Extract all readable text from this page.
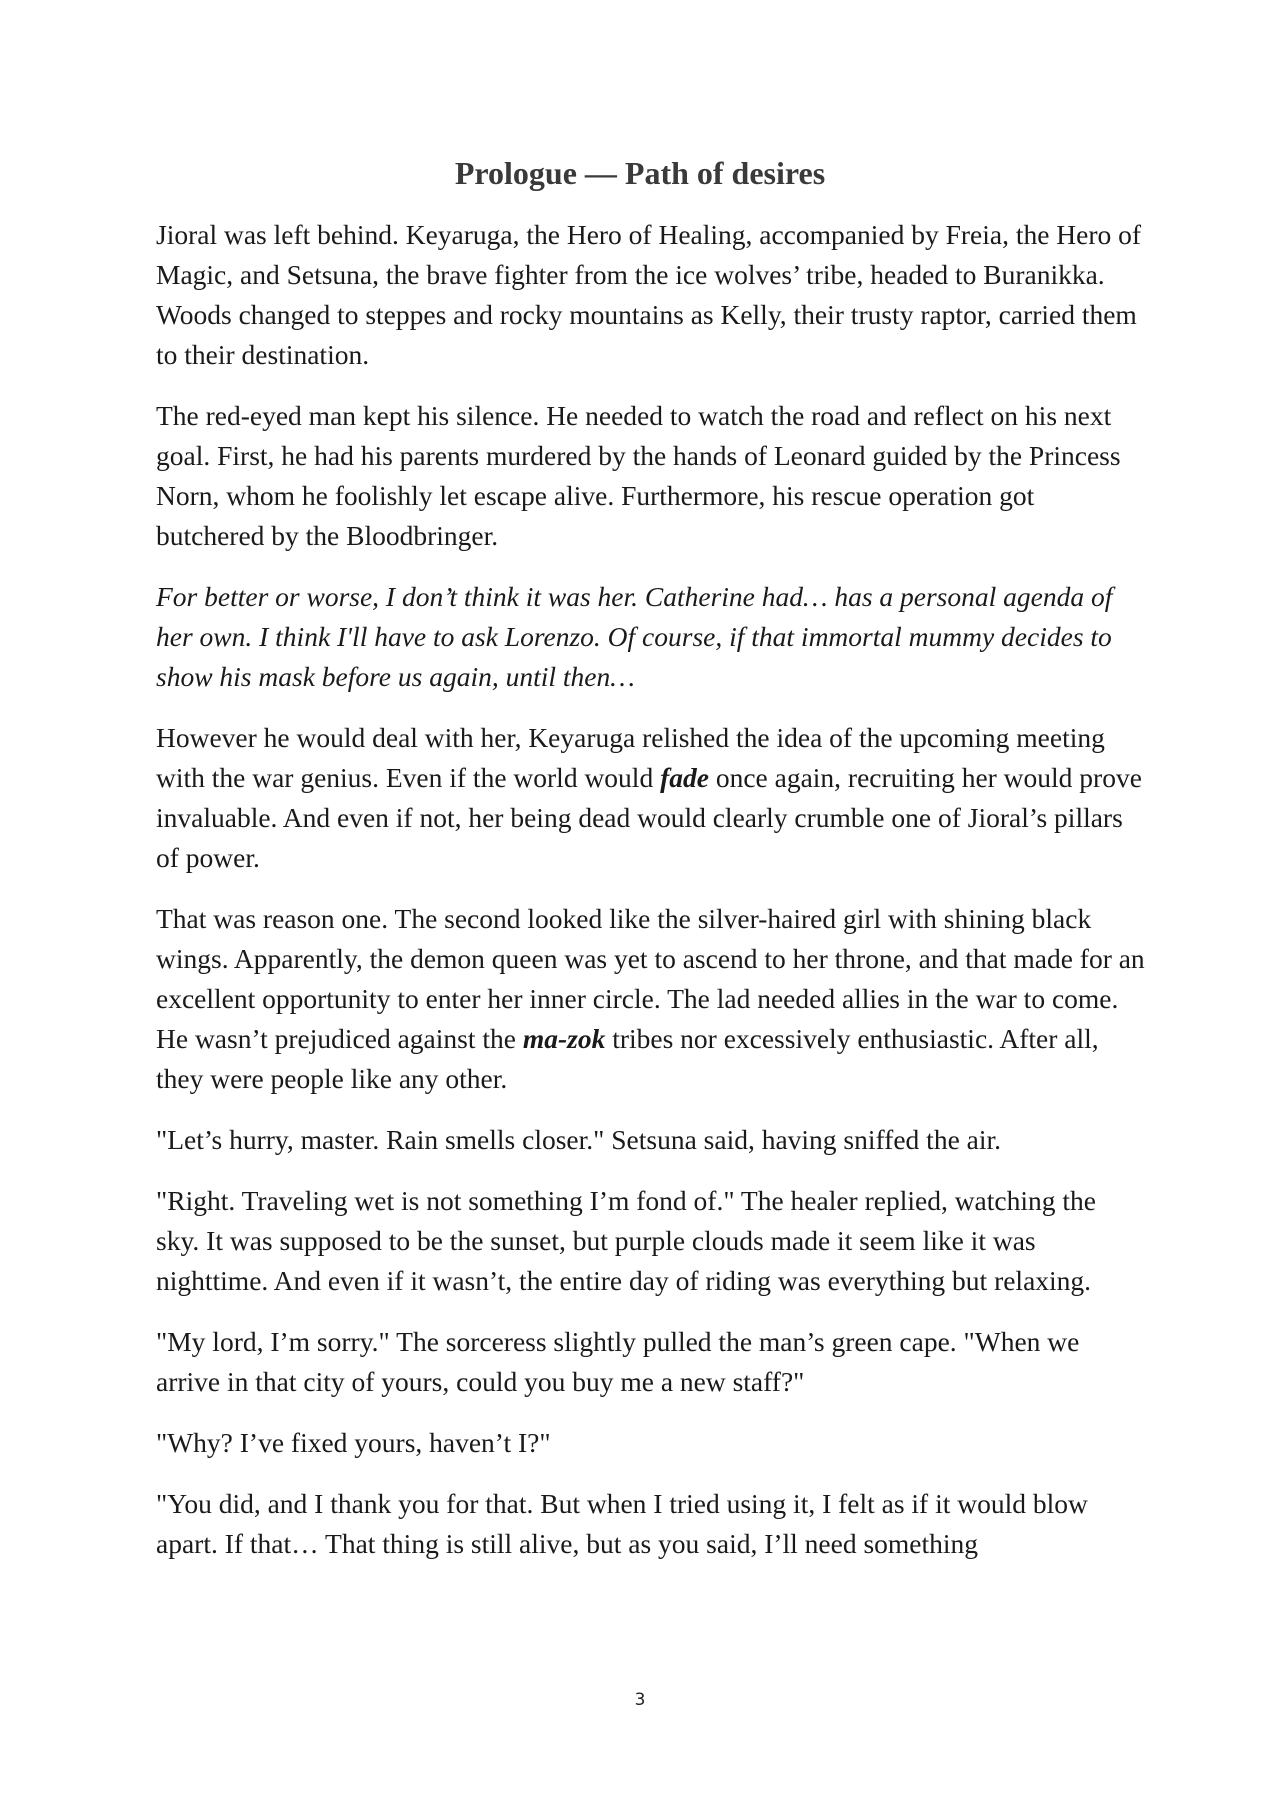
Prologue — Path of desires

Jioral was left behind. Keyaruga, the Hero of Healing, accompanied by Freia, the Hero of Magic, and Setsuna, the brave fighter from the ice wolves’ tribe, headed to Buranikka. Woods changed to steppes and rocky mountains as Kelly, their trusty raptor, carried them to their destination.

The red-eyed man kept his silence. He needed to watch the road and reflect on his next goal. First, he had his parents murdered by the hands of Leonard guided by the Princess Norn, whom he foolishly let escape alive. Furthermore, his rescue operation got butchered by the Bloodbringer.

For better or worse, I don’t think it was her. Catherine had… has a personal agenda of her own. I think I'll have to ask Lorenzo. Of course, if that immortal mummy decides to show his mask before us again, until then…

However he would deal with her, Keyaruga relished the idea of the upcoming meeting with the war genius. Even if the world would fade once again, recruiting her would prove invaluable. And even if not, her being dead would clearly crumble one of Jioral’s pillars of power.

That was reason one. The second looked like the silver-haired girl with shining black wings. Apparently, the demon queen was yet to ascend to her throne, and that made for an excellent opportunity to enter her inner circle. The lad needed allies in the war to come. He wasn’t prejudiced against the ma-zok tribes nor excessively enthusiastic. After all, they were people like any other.

"Let’s hurry, master. Rain smells closer." Setsuna said, having sniffed the air.

"Right. Traveling wet is not something I’m fond of." The healer replied, watching the sky. It was supposed to be the sunset, but purple clouds made it seem like it was nighttime. And even if it wasn’t, the entire day of riding was everything but relaxing.

"My lord, I’m sorry." The sorceress slightly pulled the man’s green cape. "When we arrive in that city of yours, could you buy me a new staff?"

"Why? I’ve fixed yours, haven’t I?"

"You did, and I thank you for that. But when I tried using it, I felt as if it would blow apart. If that… That thing is still alive, but as you said, I’ll need something

3
